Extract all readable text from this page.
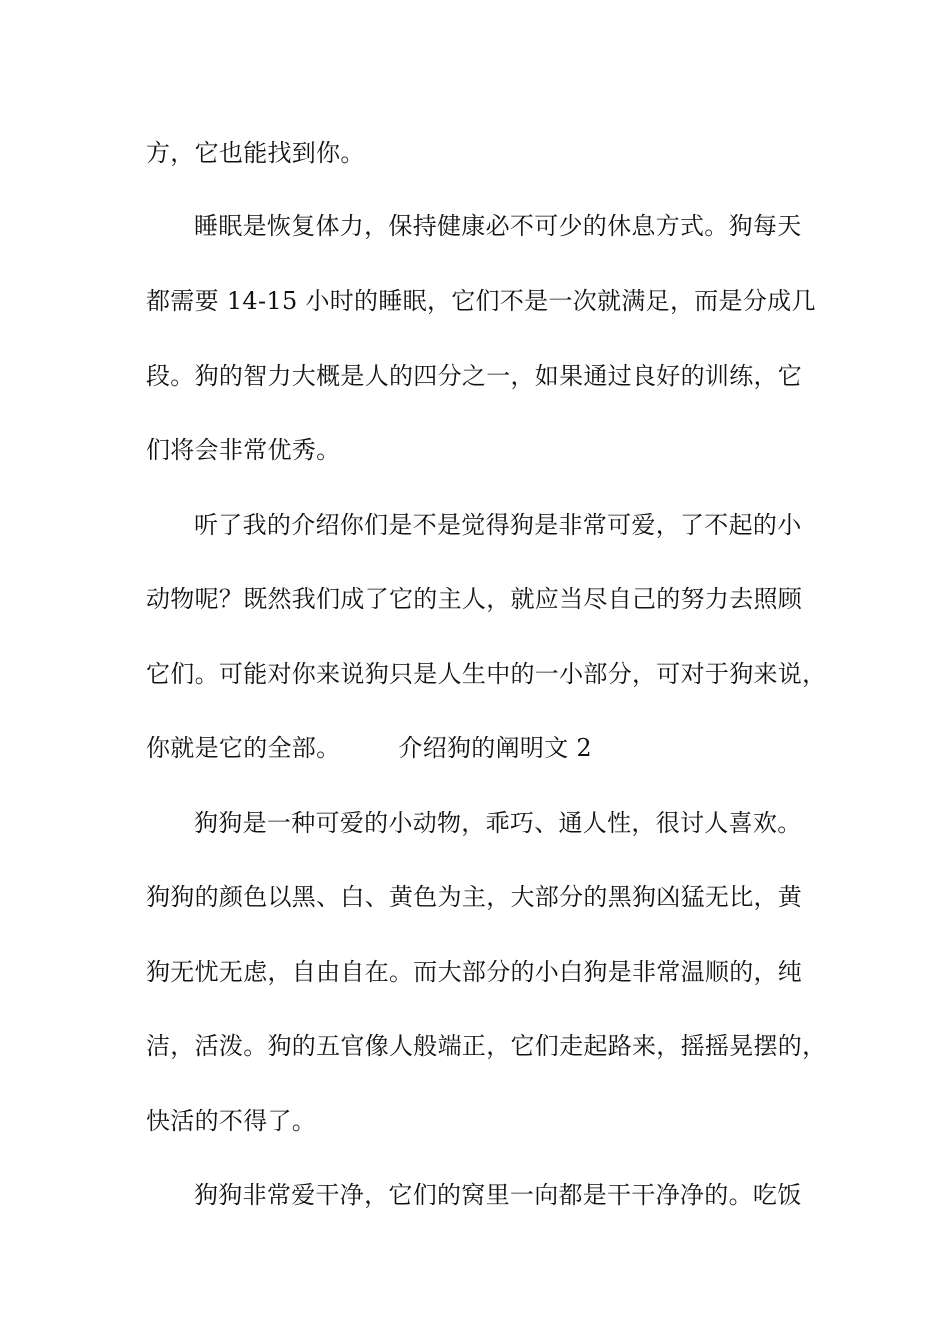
方，它也能找到你。

睡眠是恢复体力，保持健康必不可少的休息方式。狗每天

都需要 14-15 小时的睡眠，它们不是一次就满足，而是分成几

段。狗的智力大概是人的四分之一，如果通过良好的训练，它

们将会非常优秀。

听了我的介绍你们是不是觉得狗是非常可爱，了不起的小

动物呢？既然我们成了它的主人，就应当尽自己的努力去照顾

它们。可能对你来说狗只是人生中的一小部分，可对于狗来说，

你就是它的全部。 介绍狗的阐明文 2

狗狗是一种可爱的小动物，乖巧、通人性，很讨人喜欢。

狗狗的颜色以黑、白、黄色为主，大部分的黑狗凶猛无比，黄

狗无忧无虑，自由自在。而大部分的小白狗是非常温顺的，纯

洁，活泼。狗的五官像人般端正，它们走起路来，摇摇晃摆的，

快活的不得了。

狗狗非常爱干净，它们的窝里一向都是干干净净的。吃饭
